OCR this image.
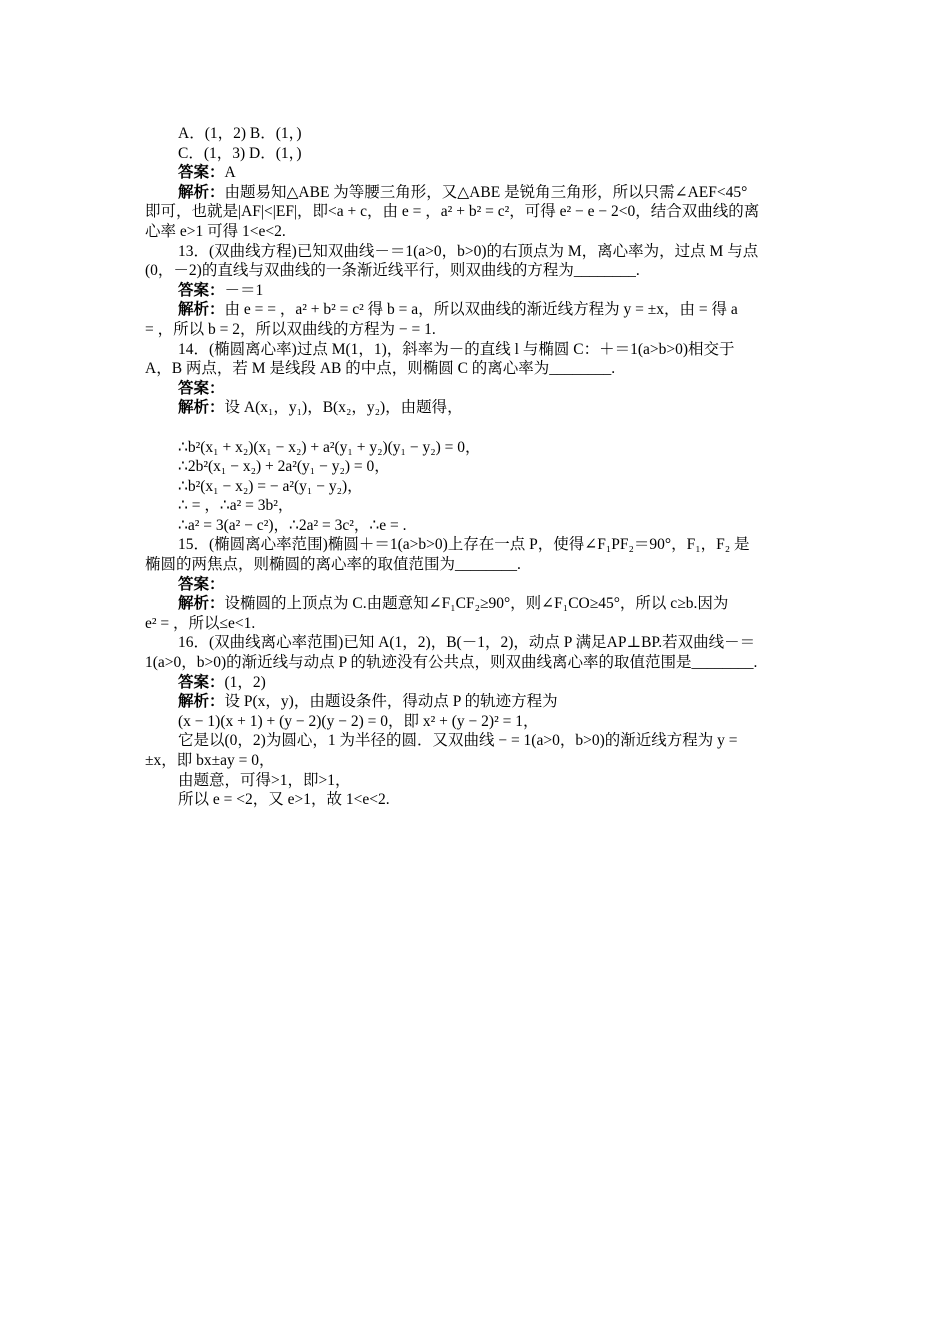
A．(1，2) B．(1，)
C．(1，3) D．(1，)
答案：A
解析：由题易知△ABE 为等腰三角形，又△ABE 是锐角三角形，所以只需∠AEF<45°
即可，也就是|AF|<|EF|，即<a + c，由 e = ，a² + b² = c²，可得 e² − e − 2<0，结合双曲线的离
心率 e>1 可得 1<e<2.
13．(双曲线方程)已知双曲线－＝1(a>0，b>0)的右顶点为 M，离心率为，过点 M 与点
(0，－2)的直线与双曲线的一条渐近线平行，则双曲线的方程为________.
答案：－＝1
解析：由 e = = ，a² + b² = c² 得 b = a，所以双曲线的渐近线方程为 y = ±x，由 = 得 a
= ，所以 b = 2，所以双曲线的方程为 − = 1.
14．(椭圆离心率)过点 M(1，1)，斜率为－的直线 l 与椭圆 C：＋＝1(a>b>0)相交于
A，B 两点，若 M 是线段 AB 的中点，则椭圆 C 的离心率为________.
答案：
解析：设 A(x₁，y₁)，B(x₂，y₂)，由题得，
∴b²(x₁ + x₂)(x₁ − x₂) + a²(y₁ + y₂)(y₁ − y₂) = 0，
∴2b²(x₁ − x₂) + 2a²(y₁ − y₂) = 0，
∴b²(x₁ − x₂) = − a²(y₁ − y₂)，
∴ = ，∴a² = 3b²，
∴a² = 3(a² − c²)，∴2a² = 3c²，∴e = .
15．(椭圆离心率范围)椭圆＋＝1(a>b>0)上存在一点 P，使得∠F₁PF₂＝90°，F₁，F₂ 是
椭圆的两焦点，则椭圆的离心率的取值范围为________.
答案：
解析：设椭圆的上顶点为 C.由题意知∠F₁CF₂≥90°，则∠F₁CO≥45°，所以 c≥b.因为
e² = ，所以≤e<1.
16．(双曲线离心率范围)已知 A(1，2)，B(－1，2)，动点 P 满足AP⊥BP.若双曲线－＝
1(a>0，b>0)的渐近线与动点 P 的轨迹没有公共点，则双曲线离心率的取值范围是________.
答案：(1，2)
解析：设 P(x，y)，由题设条件，得动点 P 的轨迹方程为
(x − 1)(x + 1) + (y − 2)(y − 2) = 0，即 x² + (y − 2)² = 1，
它是以(0，2)为圆心，1 为半径的圆．又双曲线 − = 1(a>0，b>0)的渐近线方程为 y =
±x，即 bx±ay = 0，
由题意，可得>1，即>1，
所以 e = <2，又 e>1，故 1<e<2.
